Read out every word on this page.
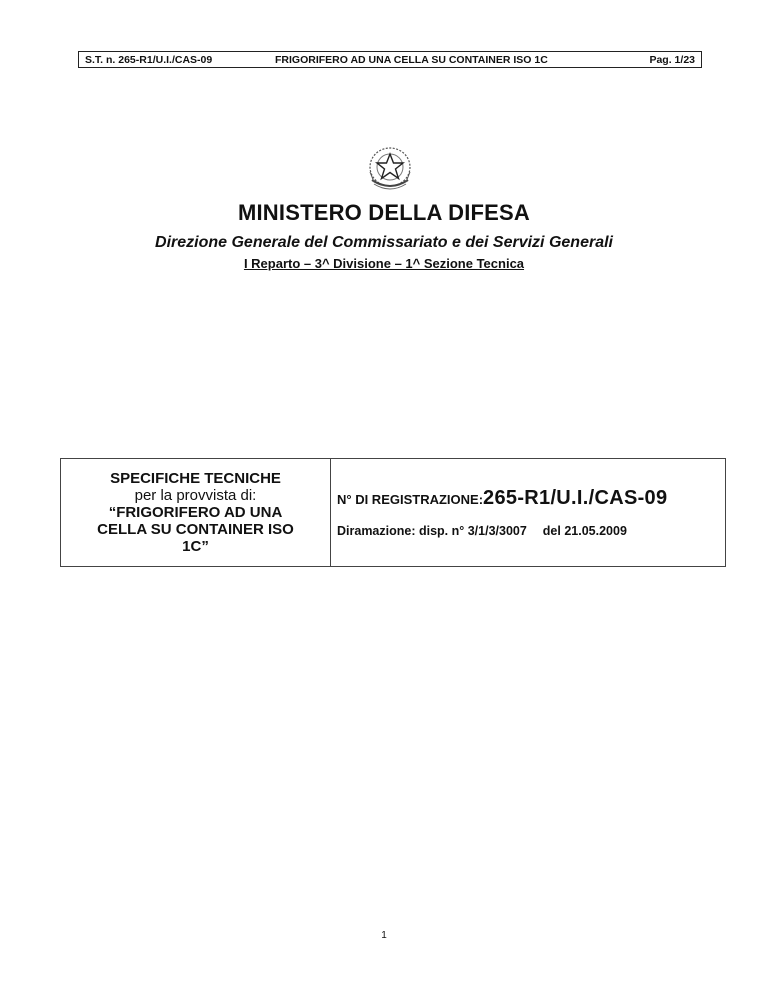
S.T. n. 265-R1/U.I./CAS-09	FRIGORIFERO AD UNA CELLA SU CONTAINER ISO 1C	Pag. 1/23
MINISTERO DELLA DIFESA
Direzione Generale del Commissariato e dei Servizi Generali
I Reparto – 3^ Divisione – 1^ Sezione Tecnica
SPECIFICHE TECNICHE
per la provvista di:
“FRIGORIFERO AD UNA
CELLA SU CONTAINER ISO
1C”
N° DI REGISTRAZIONE:265-R1/U.I./CAS-09
Diramazione: disp. n° 3/1/3/3007 del 21.05.2009
1
